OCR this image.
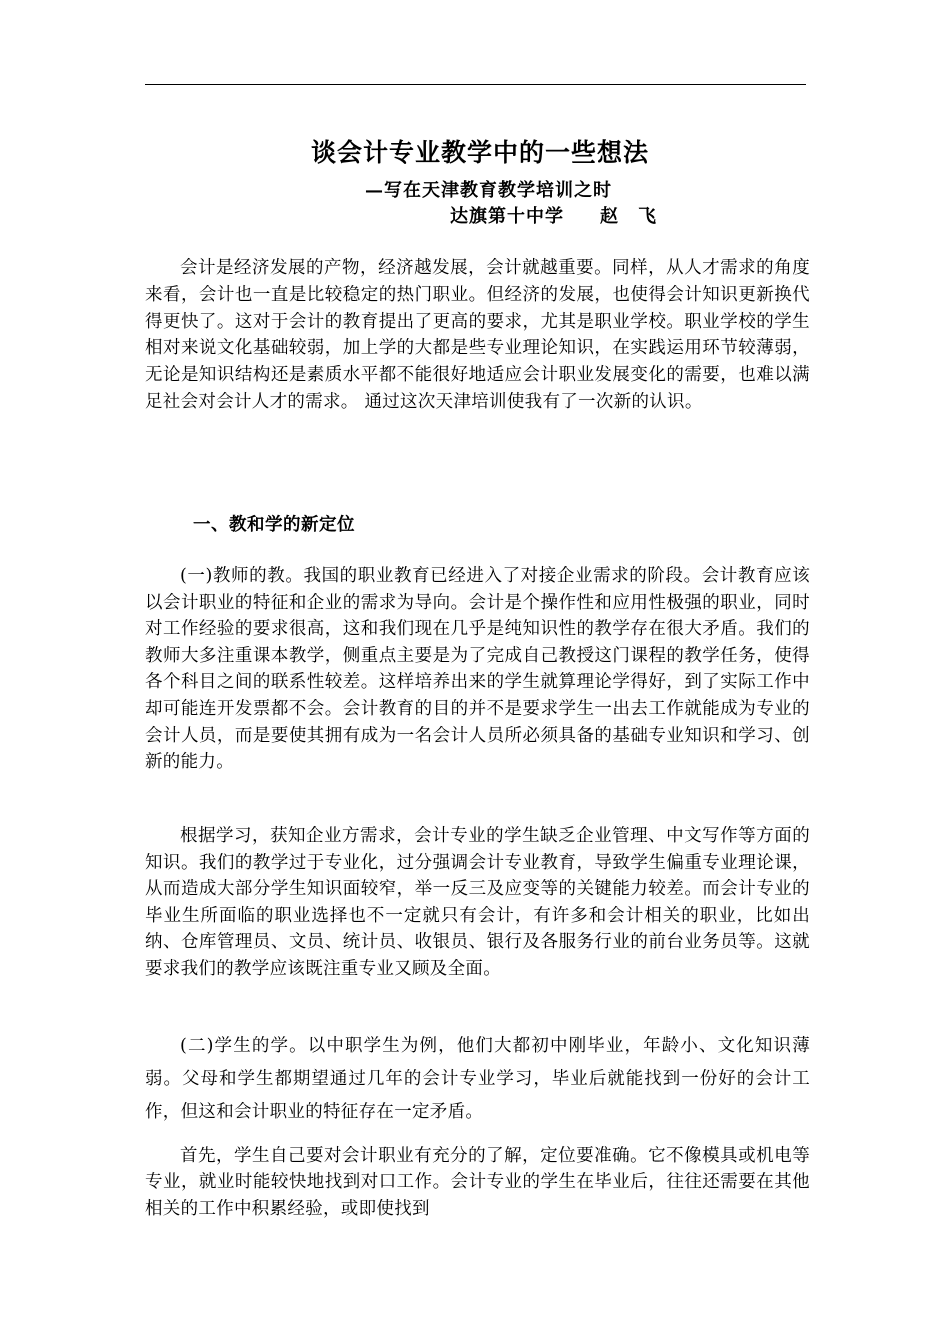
谈会计专业教学中的一些想法
—写在天津教育教学培训之时
达旗第十中学 赵　飞

会计是经济发展的产物，经济越发展，会计就越重要。同样，从人才需求的角度来看，会计也一直是比较稳定的热门职业。但经济的发展，也使得会计知识更新换代得更快了。这对于会计的教育提出了更高的要求，尤其是职业学校。职业学校的学生相对来说文化基础较弱，加上学的大都是些专业理论知识，在实践运用环节较薄弱，无论是知识结构还是素质水平都不能很好地适应会计职业发展变化的需要，也难以满足社会对会计人才的需求。 通过这次天津培训使我有了一次新的认识。

一、教和学的新定位

(一)教师的教。我国的职业教育已经进入了对接企业需求的阶段。会计教育应该以会计职业的特征和企业的需求为导向。会计是个操作性和应用性极强的职业，同时对工作经验的要求很高，这和我们现在几乎是纯知识性的教学存在很大矛盾。我们的教师大多注重课本教学，侧重点主要是为了完成自己教授这门课程的教学任务，使得各个科目之间的联系性较差。这样培养出来的学生就算理论学得好，到了实际工作中却可能连开发票都不会。会计教育的目的并不是要求学生一出去工作就能成为专业的会计人员，而是要使其拥有成为一名会计人员所必须具备的基础专业知识和学习、创新的能力。

根据学习，获知企业方需求，会计专业的学生缺乏企业管理、中文写作等方面的知识。我们的教学过于专业化，过分强调会计专业教育，导致学生偏重专业理论课，从而造成大部分学生知识面较窄，举一反三及应变等的关键能力较差。而会计专业的毕业生所面临的职业选择也不一定就只有会计，有许多和会计相关的职业，比如出纳、仓库管理员、文员、统计员、收银员、银行及各服务行业的前台业务员等。这就要求我们的教学应该既注重专业又顾及全面。

(二)学生的学。以中职学生为例，他们大都初中刚毕业，年龄小、文化知识薄弱。父母和学生都期望通过几年的会计专业学习，毕业后就能找到一份好的会计工作，但这和会计职业的特征存在一定矛盾。

首先，学生自己要对会计职业有充分的了解，定位要准确。它不像模具或机电等专业，就业时能较快地找到对口工作。会计专业的学生在毕业后，往往还需要在其他相关的工作中积累经验，或即使找到
